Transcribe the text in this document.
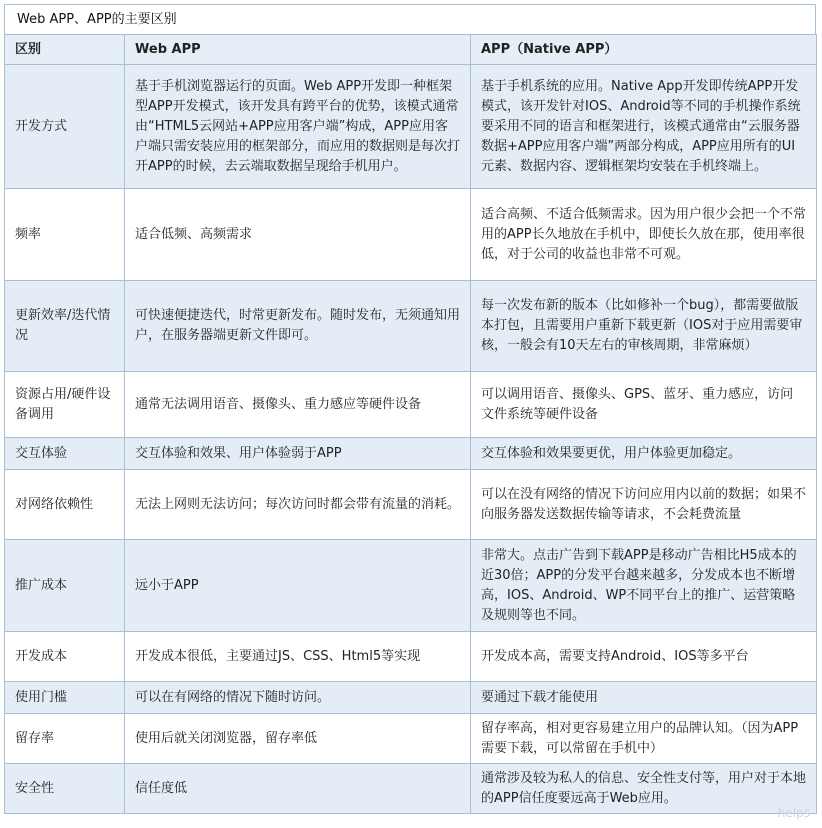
Web APP、APP的主要区别
区别	Web APP	APP（Native APP）
开发方式	基于手机浏览器运行的页面。Web APP开发即一种框架型APP开发模式，该开发具有跨平台的优势，该模式通常由“HTML5云网站+APP应用客户端”构成，APP应用客户端只需安装应用的框架部分，而应用的数据则是每次打开APP的时候，去云端取数据呈现给手机用户。	基于手机系统的应用。Native App开发即传统APP开发模式，该开发针对IOS、Android等不同的手机操作系统要采用不同的语言和框架进行，该模式通常由“云服务器数据+APP应用客户端”两部分构成，APP应用所有的UI元素、数据内容、逻辑框架均安装在手机终端上。
频率	适合低频、高频需求	适合高频、不适合低频需求。因为用户很少会把一个不常用的APP长久地放在手机中，即使长久放在那，使用率很低，对于公司的收益也非常不可观。
更新效率/迭代情况	可快速便捷迭代，时常更新发布。随时发布，无须通知用户，在服务器端更新文件即可。	每一次发布新的版本（比如修补一个bug），都需要做版本打包，且需要用户重新下载更新（IOS对于应用需要审核，一般会有10天左右的审核周期，非常麻烦）
资源占用/硬件设备调用	通常无法调用语音、摄像头、重力感应等硬件设备	可以调用语音、摄像头、GPS、蓝牙、重力感应，访问文件系统等硬件设备
交互体验	交互体验和效果、用户体验弱于APP	交互体验和效果要更优，用户体验更加稳定。
对网络依赖性	无法上网则无法访问；每次访问时都会带有流量的消耗。	可以在没有网络的情况下访问应用内以前的数据；如果不向服务器发送数据传输等请求，不会耗费流量
推广成本	远小于APP	非常大。点击广告到下载APP是移动广告相比H5成本的近30倍；APP的分发平台越来越多，分发成本也不断增高，IOS、Android、WP不同平台上的推广、运营策略及规则等也不同。
开发成本	开发成本很低，主要通过JS、CSS、Html5等实现	开发成本高，需要支持Android、IOS等多平台
使用门槛	可以在有网络的情况下随时访问。	要通过下载才能使用
留存率	使用后就关闭浏览器，留存率低	留存率高，相对更容易建立用户的品牌认知。（因为APP需要下载，可以常留在手机中）
安全性	信任度低	通常涉及较为私人的信息、安全性支付等，用户对于本地的APP信任度要远高于Web应用。
helps
